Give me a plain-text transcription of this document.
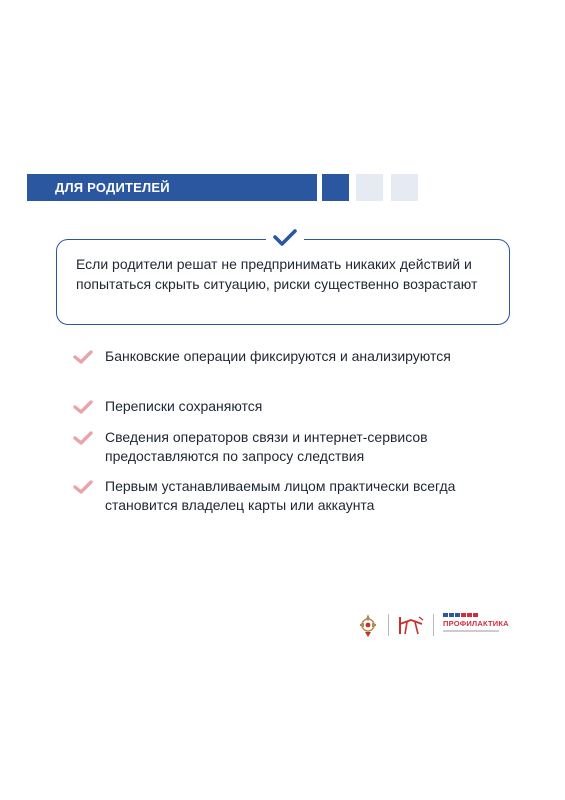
ДЛЯ РОДИТЕЛЕЙ
Если родители решат не предпринимать никаких действий и попытаться скрыть ситуацию, риски существенно возрастают
Банковские операции фиксируются и анализируются
Переписки сохраняются
Сведения операторов связи и интернет-сервисов предоставляются по запросу следствия
Первым устанавливаемым лицом практически всегда становится владелец карты или аккаунта
ПРОФИЛАКТИКА
